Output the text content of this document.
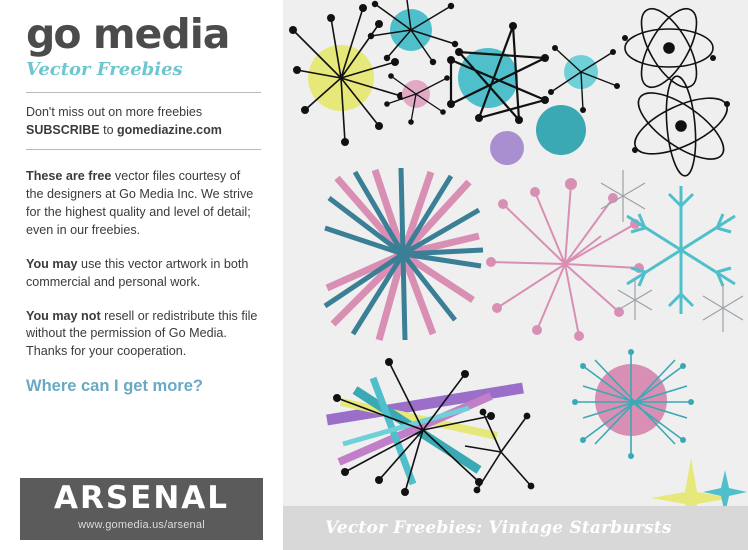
go media
Vector Freebies
Don't miss out on more freebies
SUBSCRIBE to gomediazine.com

These are free vector files courtesy of the designers at Go Media Inc. We strive for the highest quality and level of detail; even in our freebies.

You may use this vector artwork in both commercial and personal work.

You may not resell or redistribute this file without the permission of Go Media. Thanks for your cooperation.

Where can I get more?
ARSENAL
www.gomedia.us/arsenal	Vector Freebies: Vintage Starbursts
